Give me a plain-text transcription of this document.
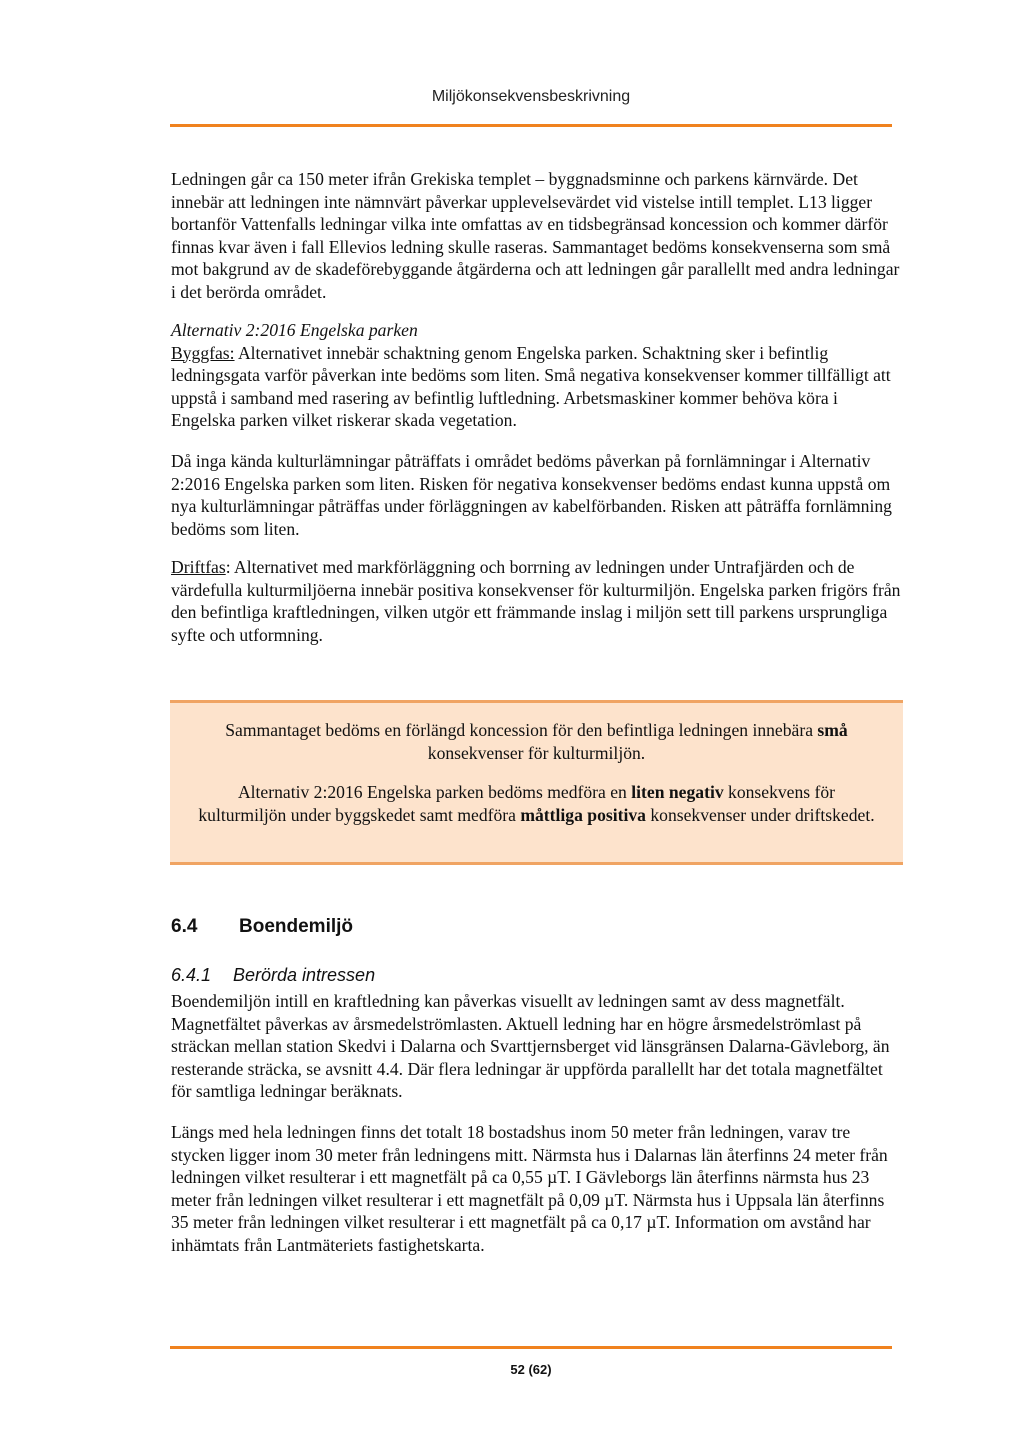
Miljökonsekvensbeskrivning

Ledningen går ca 150 meter ifrån Grekiska templet – byggnadsminne och parkens kärnvärde. Det innebär att ledningen inte nämnvärt påverkar upplevelsevärdet vid vistelse intill templet. L13 ligger bortanför Vattenfalls ledningar vilka inte omfattas av en tidsbegränsad koncession och kommer därför finnas kvar även i fall Ellevios ledning skulle raseras. Sammantaget bedöms konsekvenserna som små mot bakgrund av de skadeförebyggande åtgärderna och att ledningen går parallellt med andra ledningar i det berörda området.

Alternativ 2:2016 Engelska parken

Byggfas: Alternativet innebär schaktning genom Engelska parken. Schaktning sker i befintlig ledningsgata varför påverkan inte bedöms som liten. Små negativa konsekvenser kommer tillfälligt att uppstå i samband med rasering av befintlig luftledning. Arbetsmaskiner kommer behöva köra i Engelska parken vilket riskerar skada vegetation.

Då inga kända kulturlämningar påträffats i området bedöms påverkan på fornlämningar i Alternativ 2:2016 Engelska parken som liten. Risken för negativa konsekvenser bedöms endast kunna uppstå om nya kulturlämningar påträffas under förläggningen av kabelförbanden. Risken att påträffa fornlämning bedöms som liten.

Driftfas: Alternativet med markförläggning och borrning av ledningen under Untrafjärden och de värdefulla kulturmiljöerna innebär positiva konsekvenser för kulturmiljön. Engelska parken frigörs från den befintliga kraftledningen, vilken utgör ett främmande inslag i miljön sett till parkens ursprungliga syfte och utformning.

Sammantaget bedöms en förlängd koncession för den befintliga ledningen innebära små konsekvenser för kulturmiljön.

Alternativ 2:2016 Engelska parken bedöms medföra en liten negativ konsekvens för kulturmiljön under byggskedet samt medföra måttliga positiva konsekvenser under driftskedet.

6.4 Boendemiljö
6.4.1 Berörda intressen

Boendemiljön intill en kraftledning kan påverkas visuellt av ledningen samt av dess magnetfält. Magnetfältet påverkas av årsmedelströmlasten. Aktuell ledning har en högre årsmedelströmlast på sträckan mellan station Skedvi i Dalarna och Svarttjernsberget vid länsgränsen Dalarna-Gävleborg, än resterande sträcka, se avsnitt 4.4. Där flera ledningar är uppförda parallellt har det totala magnetfältet för samtliga ledningar beräknats.

Längs med hela ledningen finns det totalt 18 bostadshus inom 50 meter från ledningen, varav tre stycken ligger inom 30 meter från ledningens mitt. Närmsta hus i Dalarnas län återfinns 24 meter från ledningen vilket resulterar i ett magnetfält på ca 0,55 µT. I Gävleborgs län återfinns närmsta hus 23 meter från ledningen vilket resulterar i ett magnetfält på 0,09 µT. Närmsta hus i Uppsala län återfinns 35 meter från ledningen vilket resulterar i ett magnetfält på ca 0,17 µT. Information om avstånd har inhämtats från Lantmäteriets fastighetskarta.

52 (62)
